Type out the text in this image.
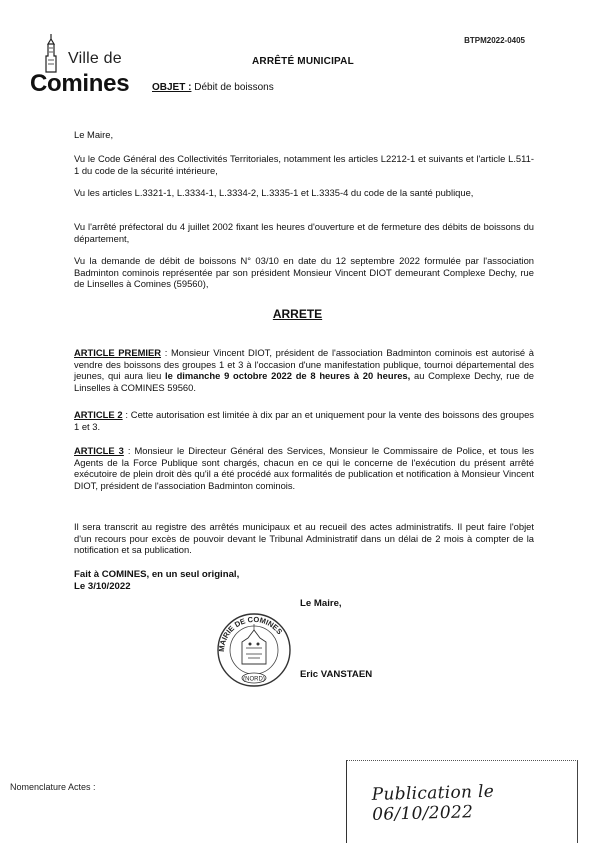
Ville de
Comines
BTPM2022-0405
ARRÊTÉ MUNICIPAL
OBJET : Débit de boissons
Le Maire,
Vu le Code Général des Collectivités Territoriales, notamment les articles L2212-1 et suivants et l'article L.511-1 du code de la sécurité intérieure,
Vu les articles L.3321-1, L.3334-1, L.3334-2, L.3335-1 et L.3335-4 du code de la santé publique,
Vu l'arrêté préfectoral du 4 juillet 2002 fixant les heures d'ouverture et de fermeture des débits de boissons du département,
Vu la demande de débit de boissons N° 03/10 en date du 12 septembre 2022 formulée par l'association Badminton cominois représentée par son président Monsieur Vincent DIOT demeurant Complexe Dechy, rue de Linselles à Comines (59560),
ARRETE
ARTICLE PREMIER : Monsieur Vincent DIOT, président de l'association Badminton cominois est autorisé à vendre des boissons des groupes 1 et 3 à l'occasion d'une manifestation publique, tournoi départemental des jeunes, qui aura lieu le dimanche 9 octobre 2022 de 8 heures à 20 heures, au Complexe Dechy, rue de Linselles à COMINES 59560.
ARTICLE 2 : Cette autorisation est limitée à dix par an et uniquement pour la vente des boissons des groupes 1 et 3.
ARTICLE 3 : Monsieur le Directeur Général des Services, Monsieur le Commissaire de Police, et tous les Agents de la Force Publique sont chargés, chacun en ce qui le concerne de l'exécution du présent arrêté exécutoire de plein droit dès qu'il a été procédé aux formalités de publication et notification à Monsieur Vincent DIOT, président de l'association Badminton cominois.
Il sera transcrit au registre des arrêtés municipaux et au recueil des actes administratifs. Il peut faire l'objet d'un recours pour excès de pouvoir devant le Tribunal Administratif dans un délai de 2 mois à compter de la notification et sa publication.
Fait à COMINES, en un seul original,
Le 3/10/2022
Le Maire,
MAIRIE DE COMINES
(NORD)	Eric VANSTAEN
Nomenclature Actes :	Publication le 06/10/2022
